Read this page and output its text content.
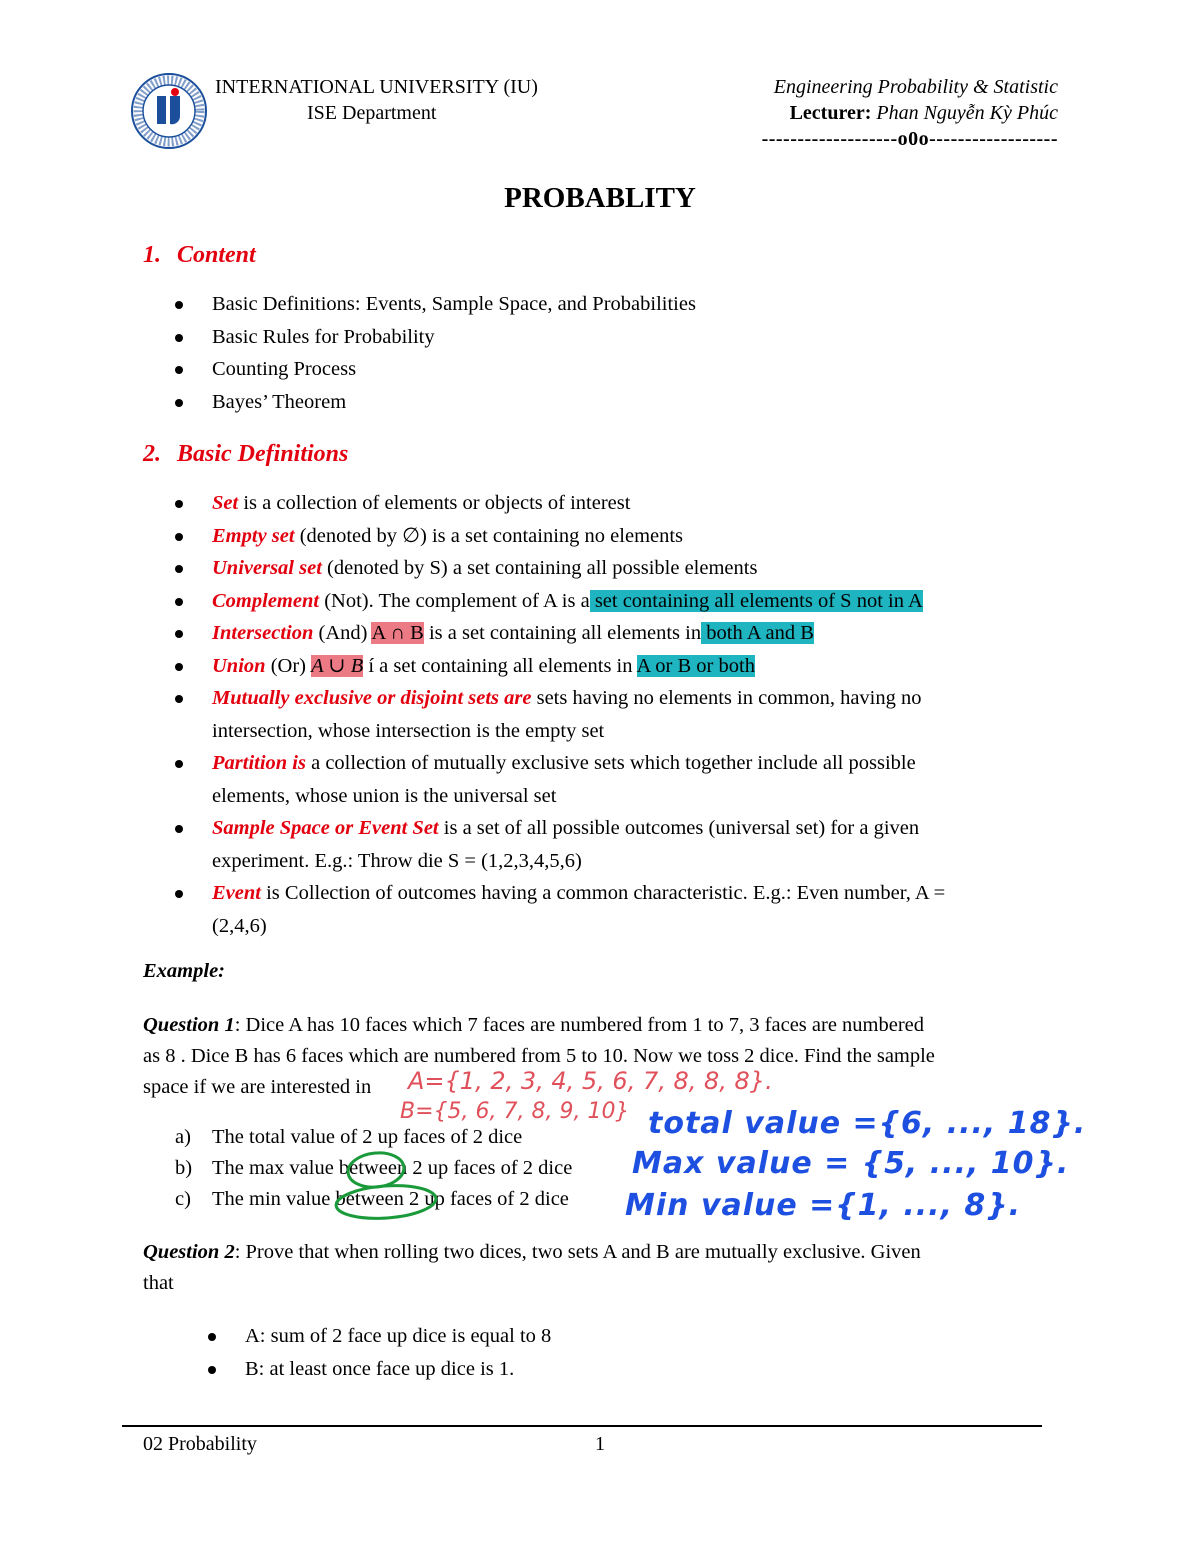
INTERNATIONAL UNIVERSITY (IU)
ISE Department
Engineering Probability & Statistic
Lecturer: Phan Nguyễn Kỳ Phúc
-------------------o0o------------------
PROBABLITY
1. Content
Basic Definitions: Events, Sample Space, and Probabilities
Basic Rules for Probability
Counting Process
Bayes’ Theorem
2. Basic Definitions
Set is a collection of elements or objects of interest
Empty set (denoted by ∅) is a set containing no elements
Universal set (denoted by S) a set containing all possible elements
Complement (Not). The complement of A is a set containing all elements of S not in A
Intersection (And) A ∩ B is a set containing all elements in both A and B
Union (Or) A ∪ B í a set containing all elements in A or B or both
Mutually exclusive or disjoint sets are sets having no elements in common, having no
intersection, whose intersection is the empty set
Partition is a collection of mutually exclusive sets which together include all possible
elements, whose union is the universal set
Sample Space or Event Set is a set of all possible outcomes (universal set) for a given
experiment. E.g.: Throw die S = (1,2,3,4,5,6)
Event is Collection of outcomes having a common characteristic. E.g.: Even number, A =
(2,4,6)
Example:
Question 1: Dice A has 10 faces which 7 faces are numbered from 1 to 7, 3 faces are numbered
as 8 . Dice B has 6 faces which are numbered from 5 to 10. Now we toss 2 dice. Find the sample
space if we are interested in
a) The total value of 2 up faces of 2 dice
b) The max value between 2 up faces of 2 dice
c) The min value between 2 up faces of 2 dice
A={1, 2, 3, 4, 5, 6, 7, 8, 8, 8}.
B={5, 6, 7, 8, 9, 10} total value ={6, ..., 18}.
Max value = {5, ..., 10}.
Min value ={1, ..., 8}.
Question 2: Prove that when rolling two dices, two sets A and B are mutually exclusive. Given
that
A: sum of 2 face up dice is equal to 8
B: at least once face up dice is 1.
02 Probability	1
